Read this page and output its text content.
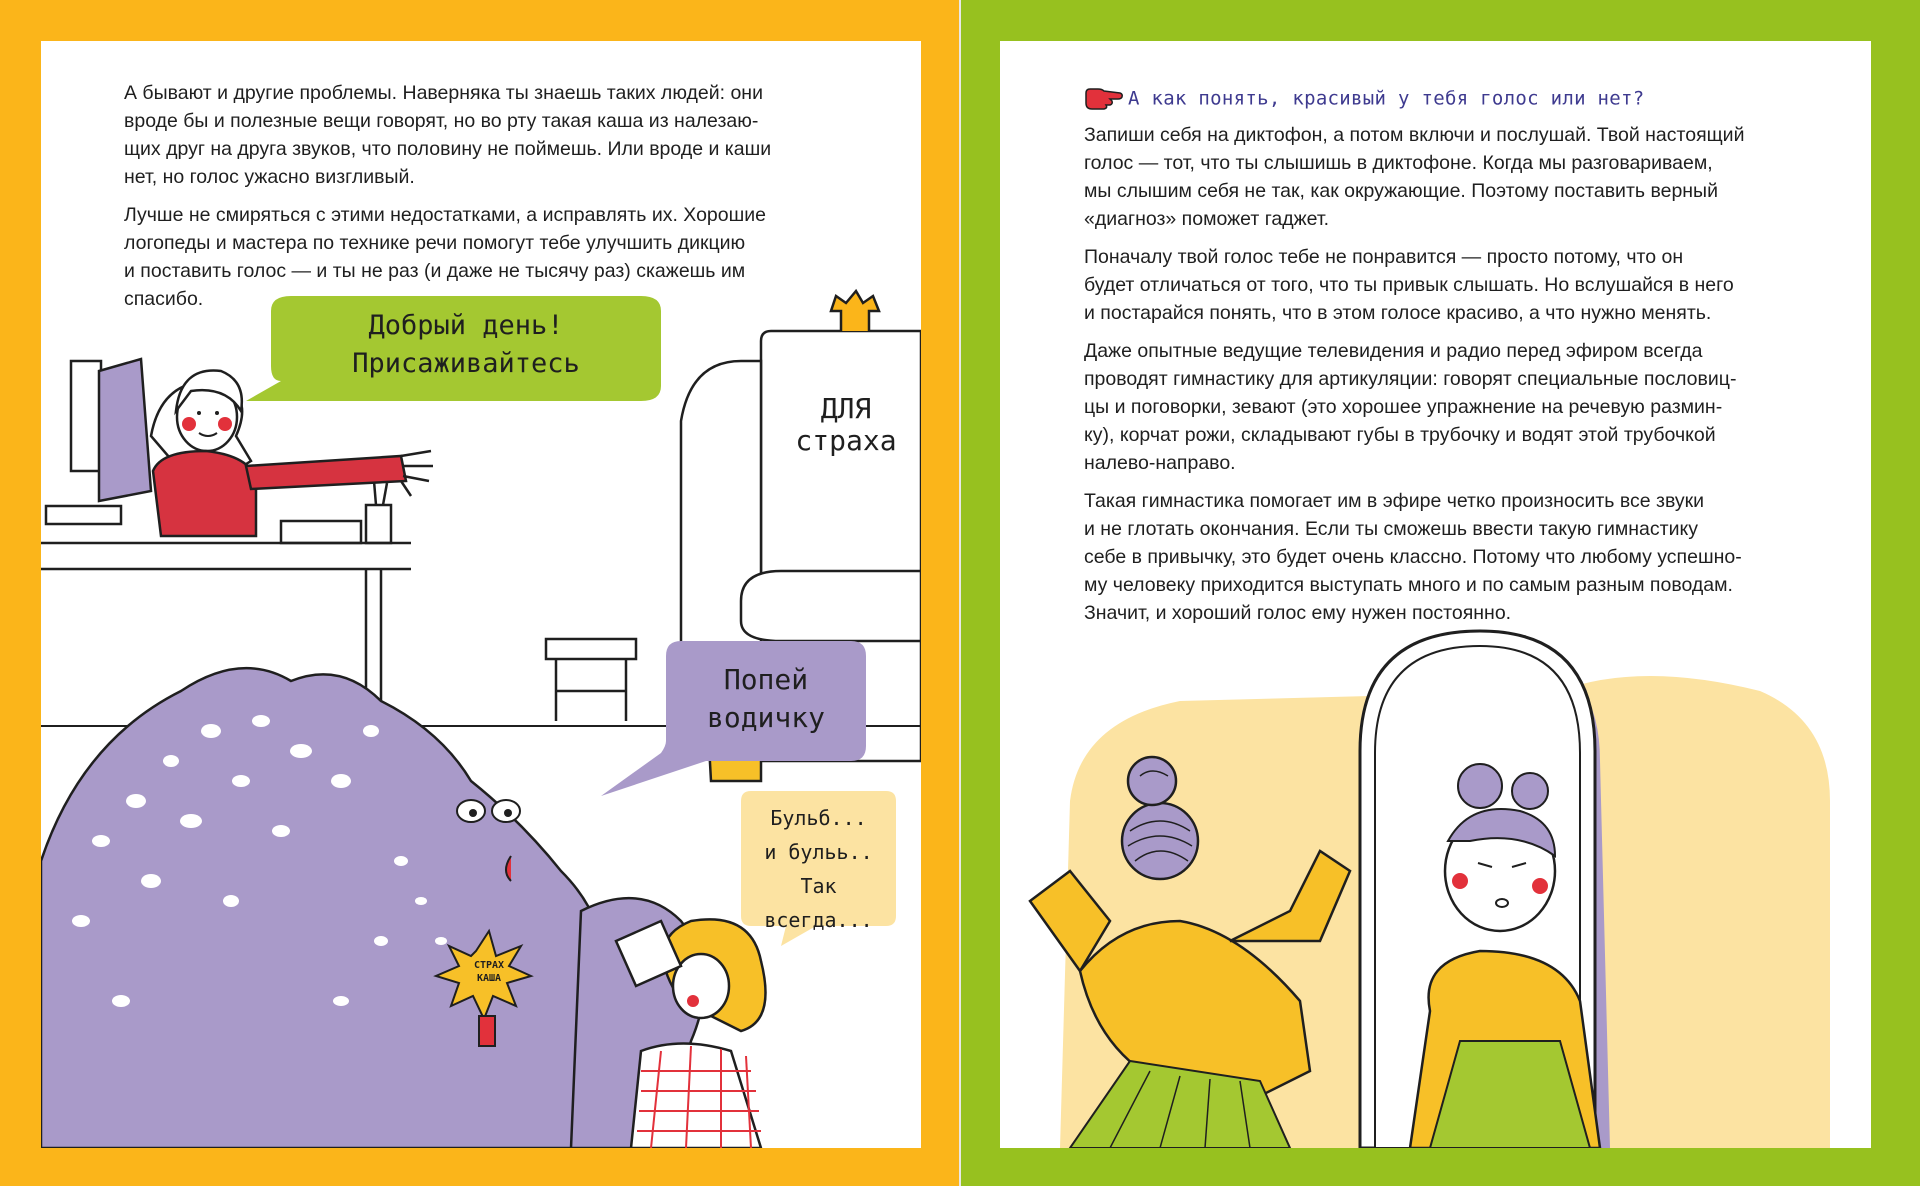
А бывают и другие проблемы. Наверняка ты знаешь таких людей: они
вроде бы и полезные вещи говорят, но во рту такая каша из налезаю-
щих друг на друга звуков, что половину не поймешь. Или вроде и каши
нет, но голос ужасно визгливый.

Лучше не смиряться с этими недостатками, а исправлять их. Хорошие
логопеды и мастера по технике речи помогут тебе улучшить дикцию
и поставить голос — и ты не раз (и даже не тысячу раз) скажешь им
спасибо.

Добрый день!
Присаживайтесь
ДЛЯ
страха
Попей
водичку
Бульб...
и бульь.. Так
всегда...
СТРАХ
КАША
А как понять, красивый у тебя голос или нет?

Запиши себя на диктофон, а потом включи и послушай. Твой настоящий
голос — тот, что ты слышишь в диктофоне. Когда мы разговариваем,
мы слышим себя не так, как окружающие. Поэтому поставить верный
«диагноз» поможет гаджет.

Поначалу твой голос тебе не понравится — просто потому, что он
будет отличаться от того, что ты привык слышать. Но вслушайся в него
и постарайся понять, что в этом голосе красиво, а что нужно менять.

Даже опытные ведущие телевидения и радио перед эфиром всегда
проводят гимнастику для артикуляции: говорят специальные пословиц-
цы и поговорки, зевают (это хорошее упражнение на речевую размин-
ку), корчат рожи, складывают губы в трубочку и водят этой трубочкой
налево-направо.

Такая гимнастика помогает им в эфире четко произносить все звуки
и не глотать окончания. Если ты сможешь ввести такую гимнастику
себе в привычку, это будет очень классно. Потому что любому успешно-
му человеку приходится выступать много и по самым разным поводам.
Значит, и хороший голос ему нужен постоянно.
